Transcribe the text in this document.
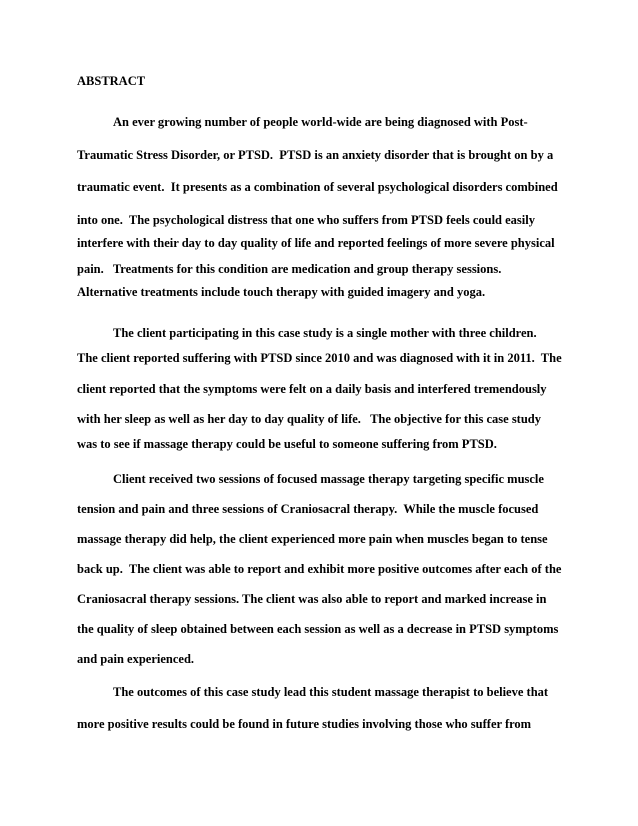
ABSTRACT
An ever growing number of people world-wide are being diagnosed with Post-
Traumatic Stress Disorder, or PTSD.  PTSD is an anxiety disorder that is brought on by a
traumatic event.  It presents as a combination of several psychological disorders combined
into one.  The psychological distress that one who suffers from PTSD feels could easily
interfere with their day to day quality of life and reported feelings of more severe physical
pain.   Treatments for this condition are medication and group therapy sessions.
Alternative treatments include touch therapy with guided imagery and yoga.
The client participating in this case study is a single mother with three children.
The client reported suffering with PTSD since 2010 and was diagnosed with it in 2011.  The
client reported that the symptoms were felt on a daily basis and interfered tremendously
with her sleep as well as her day to day quality of life.   The objective for this case study
was to see if massage therapy could be useful to someone suffering from PTSD.
Client received two sessions of focused massage therapy targeting specific muscle
tension and pain and three sessions of Craniosacral therapy.  While the muscle focused
massage therapy did help, the client experienced more pain when muscles began to tense
back up.  The client was able to report and exhibit more positive outcomes after each of the
Craniosacral therapy sessions. The client was also able to report and marked increase in
the quality of sleep obtained between each session as well as a decrease in PTSD symptoms
and pain experienced.
The outcomes of this case study lead this student massage therapist to believe that
more positive results could be found in future studies involving those who suffer from
